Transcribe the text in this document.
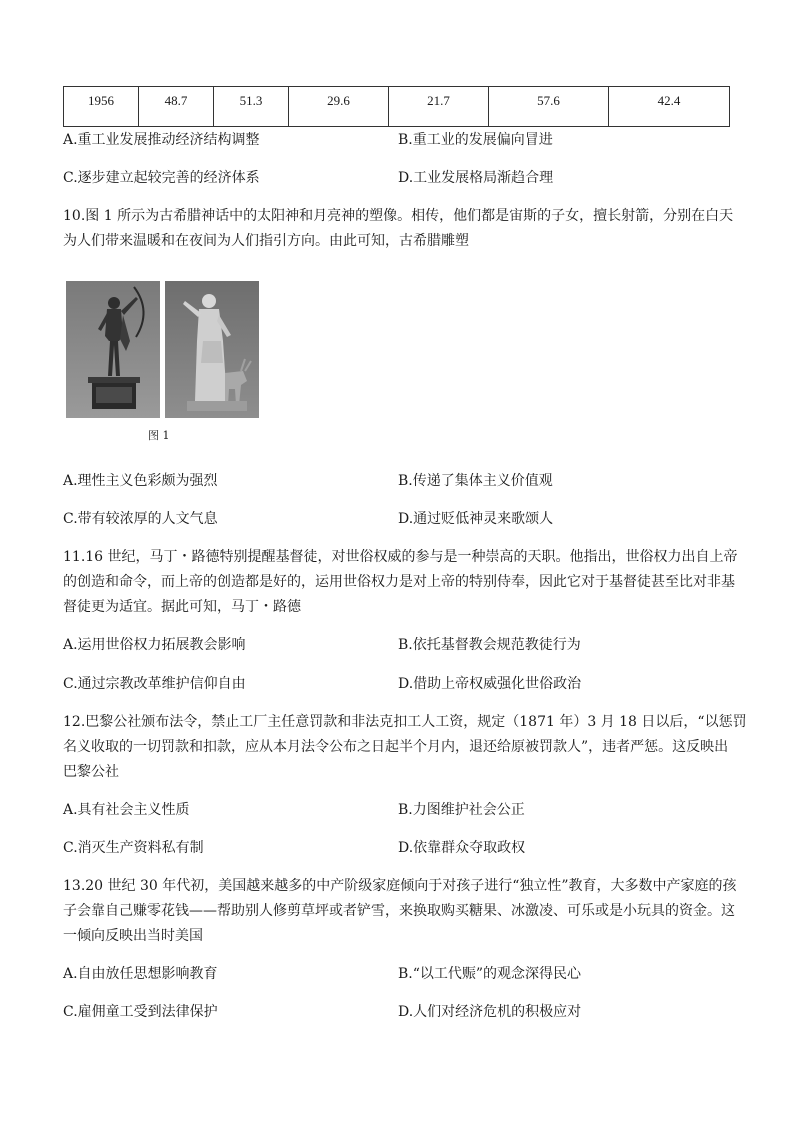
1956	48.7	51.3	29.6	21.7	57.6	42.4
A.重工业发展推动经济结构调整	B.重工业的发展偏向冒进
C.逐步建立起较完善的经济体系	D.工业发展格局渐趋合理
10.图 1 所示为古希腊神话中的太阳神和月亮神的塑像。相传，他们都是宙斯的子女，擅长射箭，分别在白天
为人们带来温暖和在夜间为人们指引方向。由此可知，古希腊雕塑
图 1
A.理性主义色彩颇为强烈	B.传递了集体主义价值观
C.带有较浓厚的人文气息	D.通过贬低神灵来歌颂人
11.16 世纪，马丁・路德特别提醒基督徒，对世俗权威的参与是一种崇高的天职。他指出，世俗权力出自上帝
的创造和命令，而上帝的创造都是好的，运用世俗权力是对上帝的特别侍奉，因此它对于基督徒甚至比对非基
督徒更为适宜。据此可知，马丁・路德
A.运用世俗权力拓展教会影响	B.依托基督教会规范教徒行为
C.通过宗教改革维护信仰自由	D.借助上帝权威强化世俗政治
12.巴黎公社颁布法令，禁止工厂主任意罚款和非法克扣工人工资，规定（1871 年）3 月 18 日以后，“以惩罚
名义收取的一切罚款和扣款，应从本月法令公布之日起半个月内，退还给原被罚款人”，违者严惩。这反映出
巴黎公社
A.具有社会主义性质	B.力图维护社会公正
C.消灭生产资料私有制	D.依靠群众夺取政权
13.20 世纪 30 年代初，美国越来越多的中产阶级家庭倾向于对孩子进行“独立性”教育，大多数中产家庭的孩
子会靠自己赚零花钱——帮助别人修剪草坪或者铲雪，来换取购买糖果、冰激凌、可乐或是小玩具的资金。这
一倾向反映出当时美国
A.自由放任思想影响教育	B.“以工代赈”的观念深得民心
C.雇佣童工受到法律保护	D.人们对经济危机的积极应对
